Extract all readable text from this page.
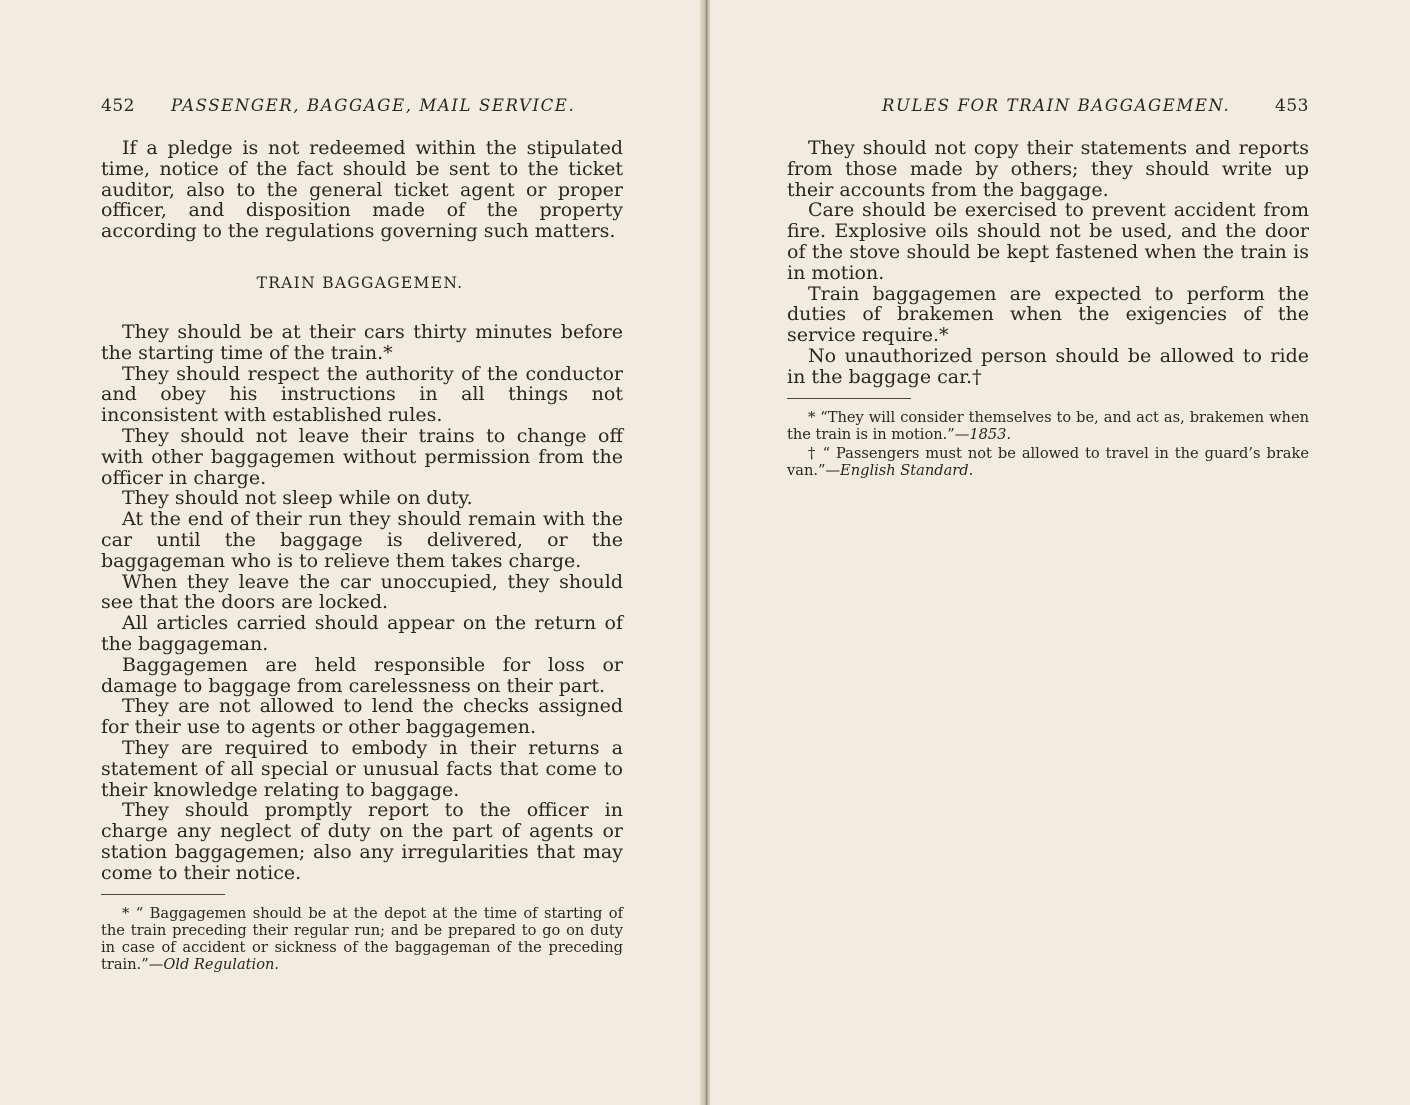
452 PASSENGER, BAGGAGE, MAIL SERVICE.

If a pledge is not redeemed within the stipulated time, notice of the fact should be sent to the ticket auditor, also to the general ticket agent or proper officer, and disposition made of the property according to the regulations governing such matters.

TRAIN BAGGAGEMEN.

They should be at their cars thirty minutes before the starting time of the train.*

They should respect the authority of the conductor and obey his instructions in all things not inconsistent with established rules.

They should not leave their trains to change off with other baggagemen without permission from the officer in charge.

They should not sleep while on duty.

At the end of their run they should remain with the car until the baggage is delivered, or the baggageman who is to relieve them takes charge.

When they leave the car unoccupied, they should see that the doors are locked.

All articles carried should appear on the return of the baggageman.

Baggagemen are held responsible for loss or damage to baggage from carelessness on their part.

They are not allowed to lend the checks assigned for their use to agents or other baggagemen.

They are required to embody in their returns a statement of all special or unusual facts that come to their knowledge relating to baggage.

They should promptly report to the officer in charge any neglect of duty on the part of agents or station baggagemen; also any irregularities that may come to their notice.

* “ Baggagemen should be at the depot at the time of starting of the train preceding their regular run; and be prepared to go on duty in case of accident or sickness of the baggageman of the preceding train.”—Old Regulation.

RULES FOR TRAIN BAGGAGEMEN.	453

They should not copy their statements and reports from those made by others; they should write up their accounts from the baggage.

Care should be exercised to prevent accident from fire. Explosive oils should not be used, and the door of the stove should be kept fastened when the train is in motion.

Train baggagemen are expected to perform the duties of brakemen when the exigencies of the service require.*

No unauthorized person should be allowed to ride in the baggage car.†

* “They will consider themselves to be, and act as, brakemen when the train is in motion.”—1853.

† “ Passengers must not be allowed to travel in the guard’s brake van.”—English Standard.
